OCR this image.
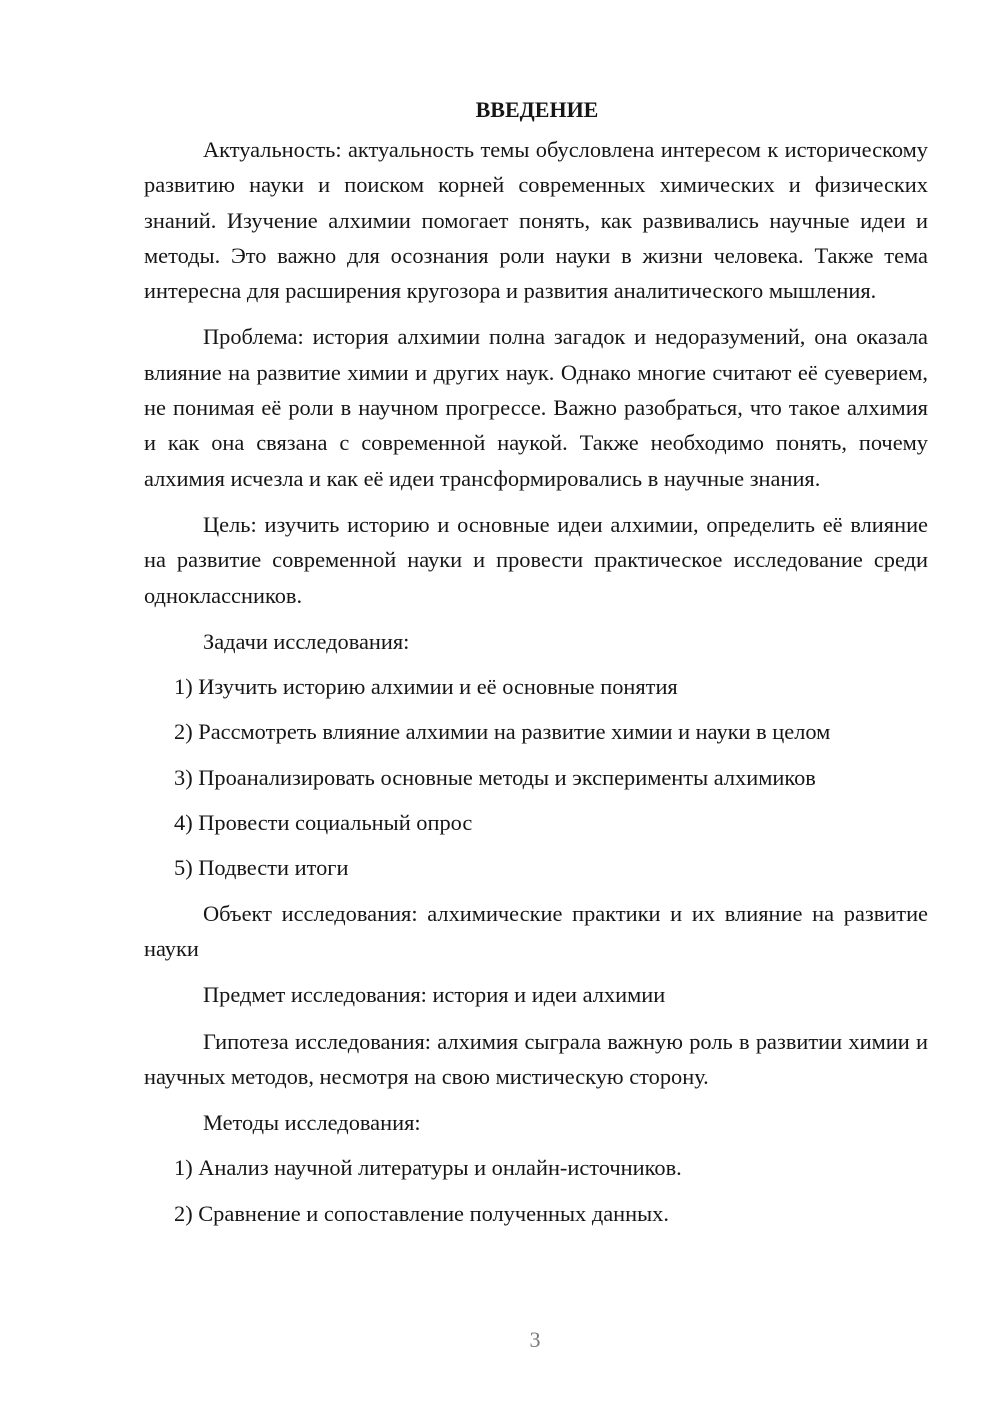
ВВЕДЕНИЕ

Актуальность: актуальность темы обусловлена интересом к историческому развитию науки и поиском корней современных химических и физических знаний. Изучение алхимии помогает понять, как развивались научные идеи и методы. Это важно для осознания роли науки в жизни человека. Также тема интересна для расширения кругозора и развития аналитического мышления.

Проблема: история алхимии полна загадок и недоразумений, она оказала влияние на развитие химии и других наук. Однако многие считают её суеверием, не понимая её роли в научном прогрессе. Важно разобраться, что такое алхимия и как она связана с современной наукой. Также необходимо понять, почему алхимия исчезла и как её идеи трансформировались в научные знания.

Цель: изучить историю и основные идеи алхимии, определить её влияние на развитие современной науки и провести практическое исследование среди одноклассников.

Задачи исследования:

1) Изучить историю алхимии и её основные понятия

2) Рассмотреть влияние алхимии на развитие химии и науки в целом

3) Проанализировать основные методы и эксперименты алхимиков

4) Провести социальный опрос

5) Подвести итоги

Объект исследования: алхимические практики и их влияние на развитие науки

Предмет исследования: история и идеи алхимии

Гипотеза исследования: алхимия сыграла важную роль в развитии химии и научных методов, несмотря на свою мистическую сторону.

Методы исследования:

1) Анализ научной литературы и онлайн-источников.

2) Сравнение и сопоставление полученных данных.

3
